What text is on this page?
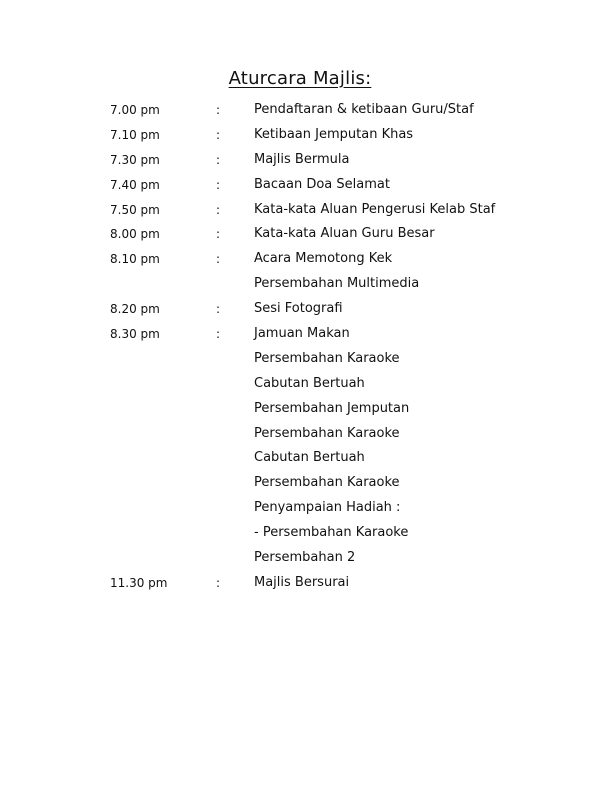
Aturcara Majlis:
7.00 pm	:	Pendaftaran & ketibaan Guru/Staf
7.10 pm	:	Ketibaan Jemputan Khas
7.30 pm	:	Majlis Bermula
7.40 pm	:	Bacaan Doa Selamat
7.50 pm	:	Kata-kata Aluan Pengerusi Kelab Staf
8.00 pm	:	Kata-kata Aluan Guru Besar
8.10 pm	:	Acara Memotong Kek
Persembahan Multimedia
8.20 pm	:	Sesi Fotografi
8.30 pm	:	Jamuan Makan
Persembahan Karaoke
Cabutan Bertuah
Persembahan Jemputan
Persembahan Karaoke
Cabutan Bertuah
Persembahan Karaoke
Penyampaian Hadiah :
- Persembahan Karaoke
Persembahan 2
11.30 pm	:	Majlis Bersurai
